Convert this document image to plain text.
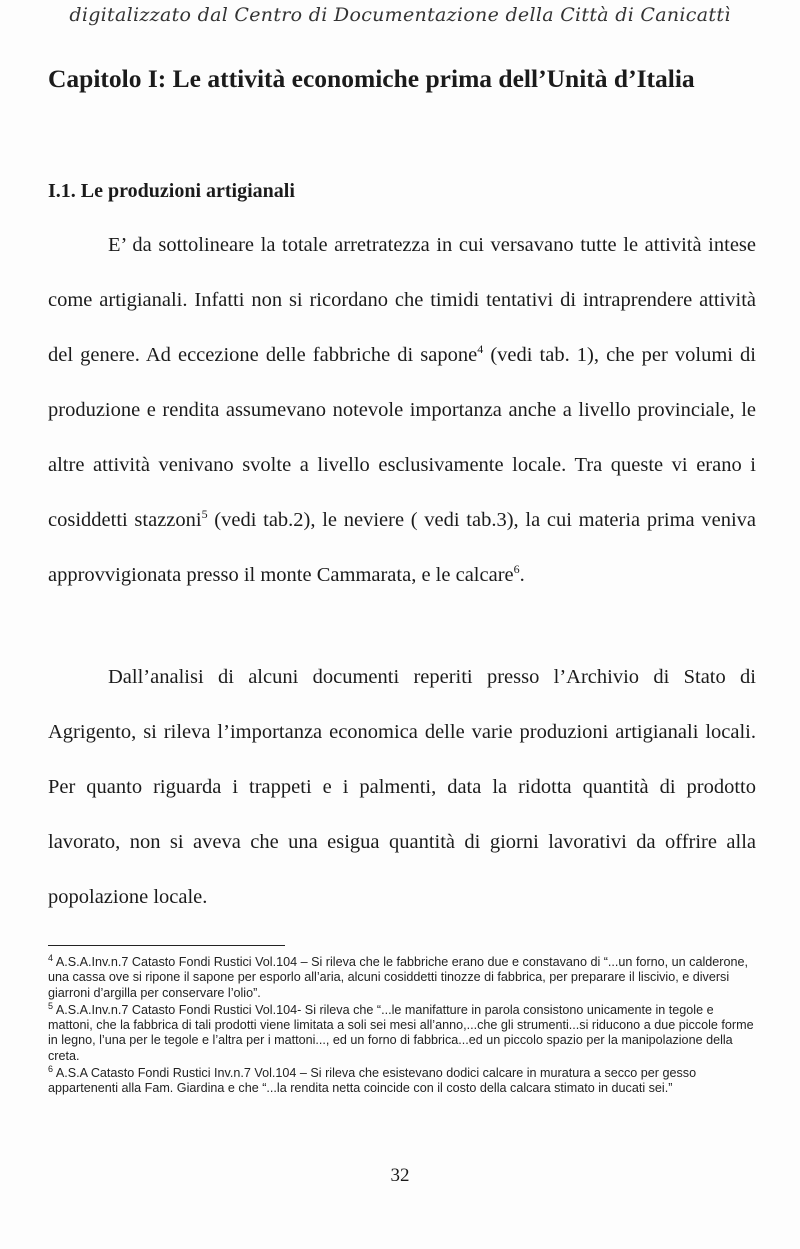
digitalizzato dal Centro di Documentazione della Città di Canicattì
Capitolo I: Le attività economiche prima dell’Unità d’Italia
I.1. Le produzioni artigianali

E’ da sottolineare la totale arretratezza in cui versavano tutte le attività intese come artigianali. Infatti non si ricordano che timidi tentativi di intraprendere attività del genere. Ad eccezione delle fabbriche di sapone$^4$ (vedi tab. 1), che per volumi di produzione e rendita assumevano notevole importanza anche a livello provinciale, le altre attività venivano svolte a livello esclusivamente locale. Tra queste vi erano i cosiddetti stazzoni$^5$ (vedi tab.2), le neviere ( vedi tab.3), la cui materia prima veniva approvvigionata presso il monte Cammarata, e le calcare$^6$.

Dall’analisi di alcuni documenti reperiti presso l’Archivio di Stato di Agrigento, si rileva l’importanza economica delle varie produzioni artigianali locali. Per quanto riguarda i trappeti e i palmenti, data la ridotta quantità di prodotto lavorato, non si aveva che una esigua quantità di giorni lavorativi da offrire alla popolazione locale.

$^4$ A.S.A.Inv.n.7 Catasto Fondi Rustici Vol.104 – Si rileva che le fabbriche erano due e constavano di “...un forno, un calderone, una cassa ove si ripone il sapone per esporlo all’aria, alcuni cosiddetti tinozze di fabbrica, per preparare il liscivio, e diversi giarroni d’argilla per conservare l’olio”.

$^5$ A.S.A.Inv.n.7 Catasto Fondi Rustici Vol.104- Si rileva che “...le manifatture in parola consistono unicamente in tegole e mattoni, che la fabbrica di tali prodotti viene limitata a soli sei mesi all’anno,...che gli strumenti...si riducono a due piccole forme in legno, l’una per le tegole e l’altra per i mattoni..., ed un forno di fabbrica...ed un piccolo spazio per la manipolazione della creta.

$^6$ A.S.A Catasto Fondi Rustici Inv.n.7 Vol.104 – Si rileva che esistevano dodici calcare in muratura a secco per gesso appartenenti alla Fam. Giardina e che “...la rendita netta coincide con il costo della calcara stimato in ducati sei.”

32
